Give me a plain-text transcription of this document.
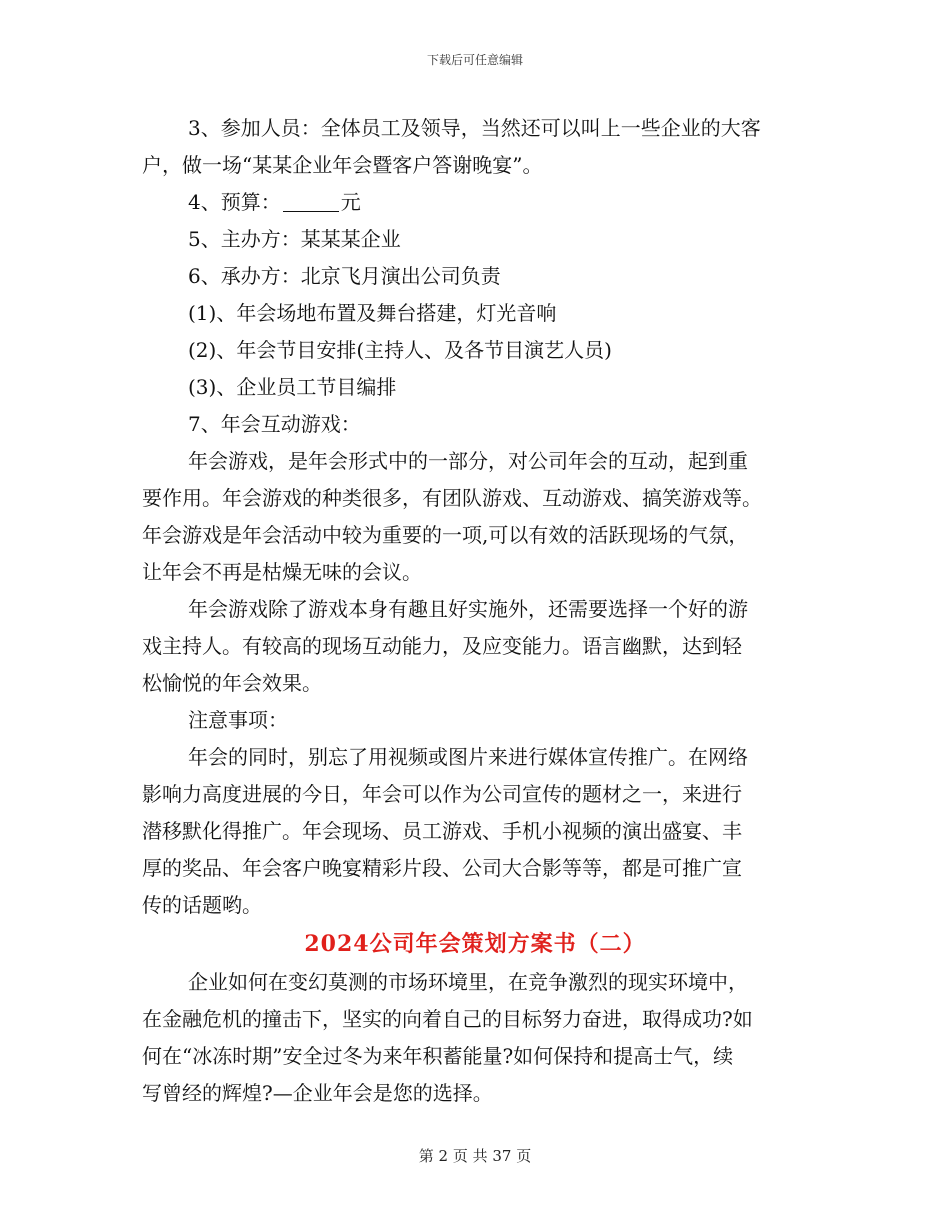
下载后可任意编辑

3、参加人员：全体员工及领导，当然还可以叫上一些企业的大客

户，做一场“某某企业年会暨客户答谢晚宴”。

4、预算：	元

5、主办方：某某某企业

6、承办方：北京飞月演出公司负责

(1)、年会场地布置及舞台搭建，灯光音响

(2)、年会节目安排(主持人、及各节目演艺人员)

(3)、企业员工节目编排

7、年会互动游戏：

年会游戏，是年会形式中的一部分，对公司年会的互动，起到重

要作用。年会游戏的种类很多，有团队游戏、互动游戏、搞笑游戏等。

年会游戏是年会活动中较为重要的一项,可以有效的活跃现场的气氛，

让年会不再是枯燥无味的会议。

年会游戏除了游戏本身有趣且好实施外，还需要选择一个好的游

戏主持人。有较高的现场互动能力，及应变能力。语言幽默，达到轻

松愉悦的年会效果。

注意事项：

年会的同时，别忘了用视频或图片来进行媒体宣传推广。在网络

影响力高度进展的今日，年会可以作为公司宣传的题材之一，来进行

潜移默化得推广。年会现场、员工游戏、手机小视频的演出盛宴、丰

厚的奖品、年会客户晚宴精彩片段、公司大合影等等，都是可推广宣

传的话题哟。

2024公司年会策划方案书（二）

企业如何在变幻莫测的市场环境里，在竞争激烈的现实环境中，

在金融危机的撞击下，坚实的向着自己的目标努力奋进，取得成功?如

何在“冰冻时期”安全过冬为来年积蓄能量?如何保持和提高士气，续

写曾经的辉煌?—企业年会是您的选择。

第 2 页 共 37 页
